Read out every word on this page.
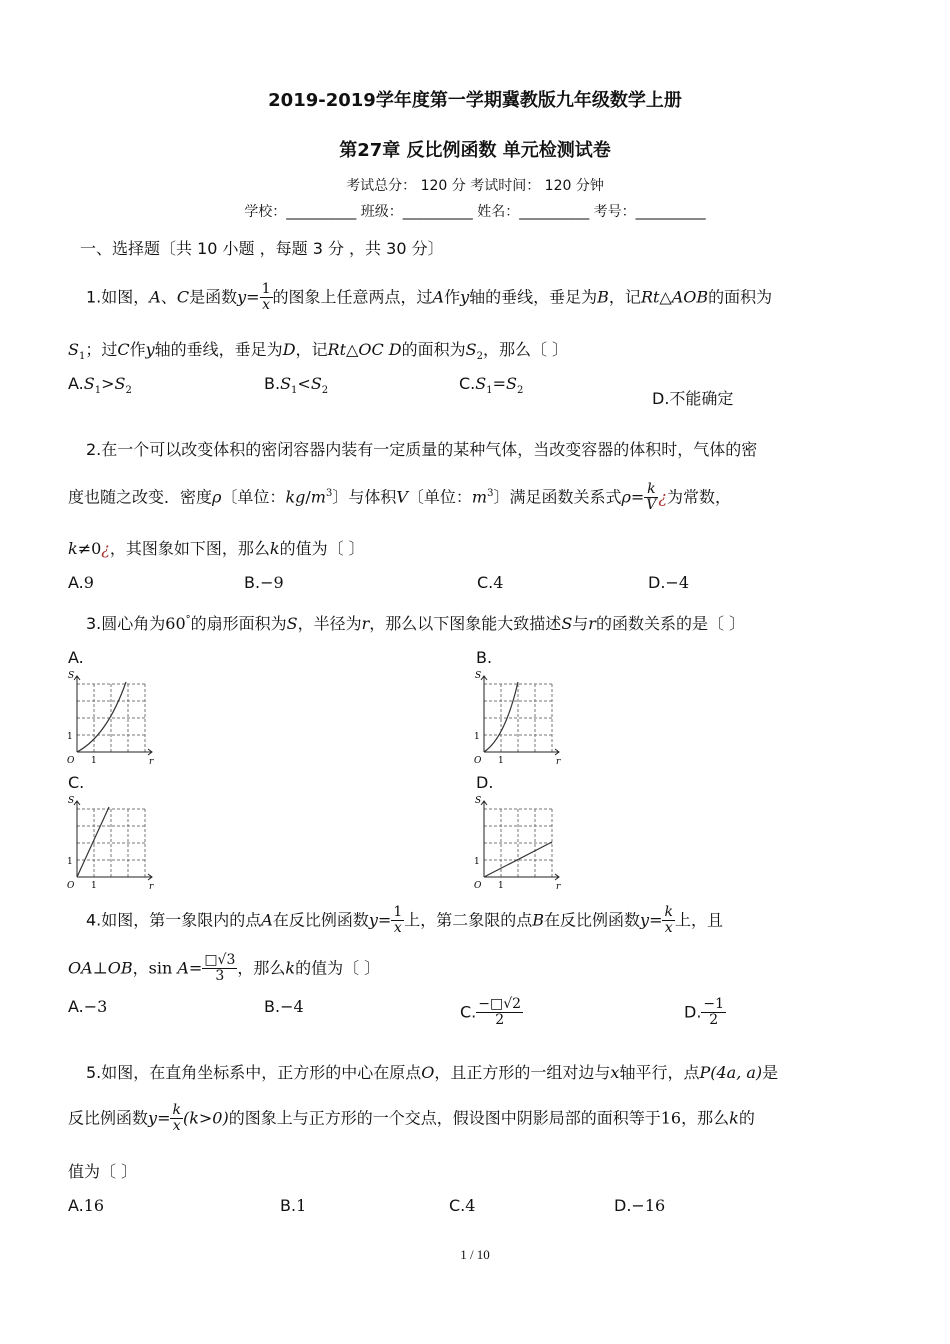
2019-2019学年度第一学期冀教版九年级数学上册
第27章 反比例函数 单元检测试卷
考试总分： 120 分 考试时间： 120 分钟
学校：__________ 班级：__________ 姓名：__________ 考号：__________
一、选择题〔共 10 小题 ，每题 3 分 ，共 30 分〕
1.如图，A、C是函数$y= \frac{1}{x}$ 的图象上任意两点，过A作y轴的垂线，垂足为B，记Rt△AOB的面积为
$S_1$；过C作y轴的垂线，垂足为D，记Rt△OC D的面积为$S_2$，那么〔 〕
$A.S_1>S_2$	$B.S_1<S_2$	$C.S_1=S_2$	D.不能确定
2.在一个可以改变体积的密闭容器内装有一定质量的某种气体，当改变容器的体积时，气体的密
度也随之改变．密度ρ〔单位：$kg/m^3$〕与体积V〔单位：$m^3$〕满足函数关系式$\rho= \frac{k}{V}$ ¿为常数，
k≠0¿，其图象如下图，那么k的值为〔 〕
A.9	B.−9	C.4	D.−4
3.圆心角为60°的扇形面积为S，半径为r，那么以下图象能大致描述S与r的函数关系的是〔 〕
A.	B.
C.	D.
S
r
O 1
1
S
r
O 1
1
S
r
O 1
1
S
r
O 1
1
4.如图，第一象限内的点A在反比例函数$y= \frac{1}{x}$ 上，第二象限的点B在反比例函数$y= \frac{k}{x}$ 上，且
OA⊥OB，$\sin A= \frac{□√3}{3}$ ，那么k的值为〔 〕
A.−3	B.−4	C. $\frac{-□√2}{2}$	D. $\frac{-1}{2}$
5.如图，在直角坐标系中，正方形的中心在原点O，且正方形的一组对边与x轴平行，点P(4a, a)是
反比例函数$y= \frac{k}{x} (k>0)$的图象上与正方形的一个交点，假设图中阴影局部的面积等于16，那么k的
值为〔 〕
A.16	B.1	C.4	D.−16
1 / 10
